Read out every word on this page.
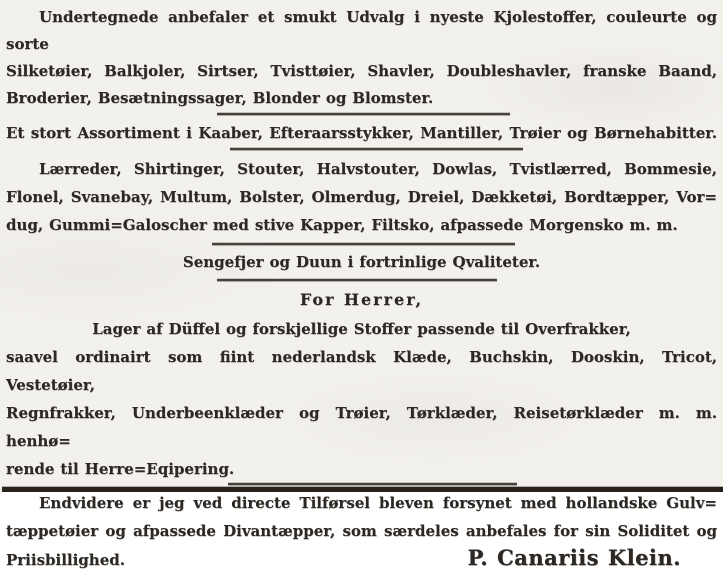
Undertegnede anbefaler et smukt Udvalg i nyeste Kjolestoffer, couleurte og sorte
Silketøier, Balkjoler, Sirtser, Tvisttøier, Shavler, Doubleshavler, franske Baand,
Broderier, Besætningssager, Blonder og Blomster.
Et stort Assortiment i Kaaber, Efteraarsstykker, Mantiller, Trøier og Børnehabitter.
Lærreder, Shirtinger, Stouter, Halvstouter, Dowlas, Tvistlærred, Bommesie,
Flonel, Svanebay, Multum, Bolster, Olmerdug, Dreiel, Dækketøi, Bordtæpper, Vor=
dug, Gummi=Galoscher med stive Kapper, Filtsko, afpassede Morgensko m. m.
Sengefjer og Duun i fortrinlige Qvaliteter.
For Herrer,
Lager af Düffel og forskjellige Stoffer passende til Overfrakker,
saavel ordinairt som fiint nederlandsk Klæde, Buchskin, Dooskin, Tricot, Vestetøier,
Regnfrakker, Underbeenklæder og Trøier, Tørklæder, Reisetørklæder m. m. henhø=
rende til Herre=Eqipering.
Endvidere er jeg ved directe Tilførsel bleven forsynet med hollandske Gulv=
tæppetøier og afpassede Divantæpper, som særdeles anbefales for sin Soliditet og
Priisbillighed.	P. Canariis Klein.
